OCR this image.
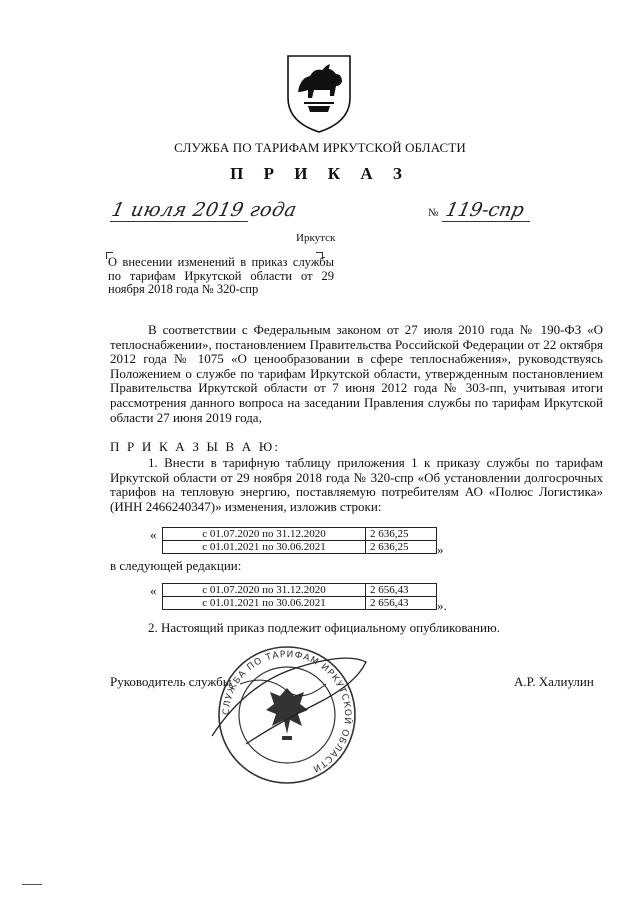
СЛУЖБА ПО ТАРИФАМ ИРКУТСКОЙ ОБЛАСТИ
П Р И К А З
1 июля 2019 года	№ 119-спр
Иркутск
О внесении изменений в приказ службы по тарифам Иркутской области от 29 ноября 2018 года № 320-спр
В соответствии с Федеральным законом от 27 июля 2010 года № 190-ФЗ «О теплоснабжении», постановлением Правительства Российской Федерации от 22 октября 2012 года № 1075 «О ценообразовании в сфере теплоснабжения», руководствуясь Положением о службе по тарифам Иркутской области, утвержденным постановлением Правительства Иркутской области от 7 июня 2012 года № 303-пп, учитывая итоги рассмотрения данного вопроса на заседании Правления службы по тарифам Иркутской области 27 июня 2019 года,
П Р И К А З Ы В А Ю:
1. Внести в тарифную таблицу приложения 1 к приказу службы по тарифам Иркутской области от 29 ноября 2018 года № 320-спр «Об установлении долгосрочных тарифов на тепловую энергию, поставляемую потребителям АО «Полюс Логистика» (ИНН 2466240347)» изменения, изложив строки:
«	с 01.07.2020 по 31.12.2020	2 636,25
с 01.01.2021 по 30.06.2021	2 636,25 »
в следующей редакции:
«	с 01.07.2020 по 31.12.2020	2 656,43
с 01.01.2021 по 30.06.2021	2 656,43 ».
2. Настоящий приказ подлежит официальному опубликованию.
Руководитель службы	А.Р. Халиулин
СЛУЖБА ПО ТАРИФАМ ИРКУТСКОЙ ОБЛАСТИ
